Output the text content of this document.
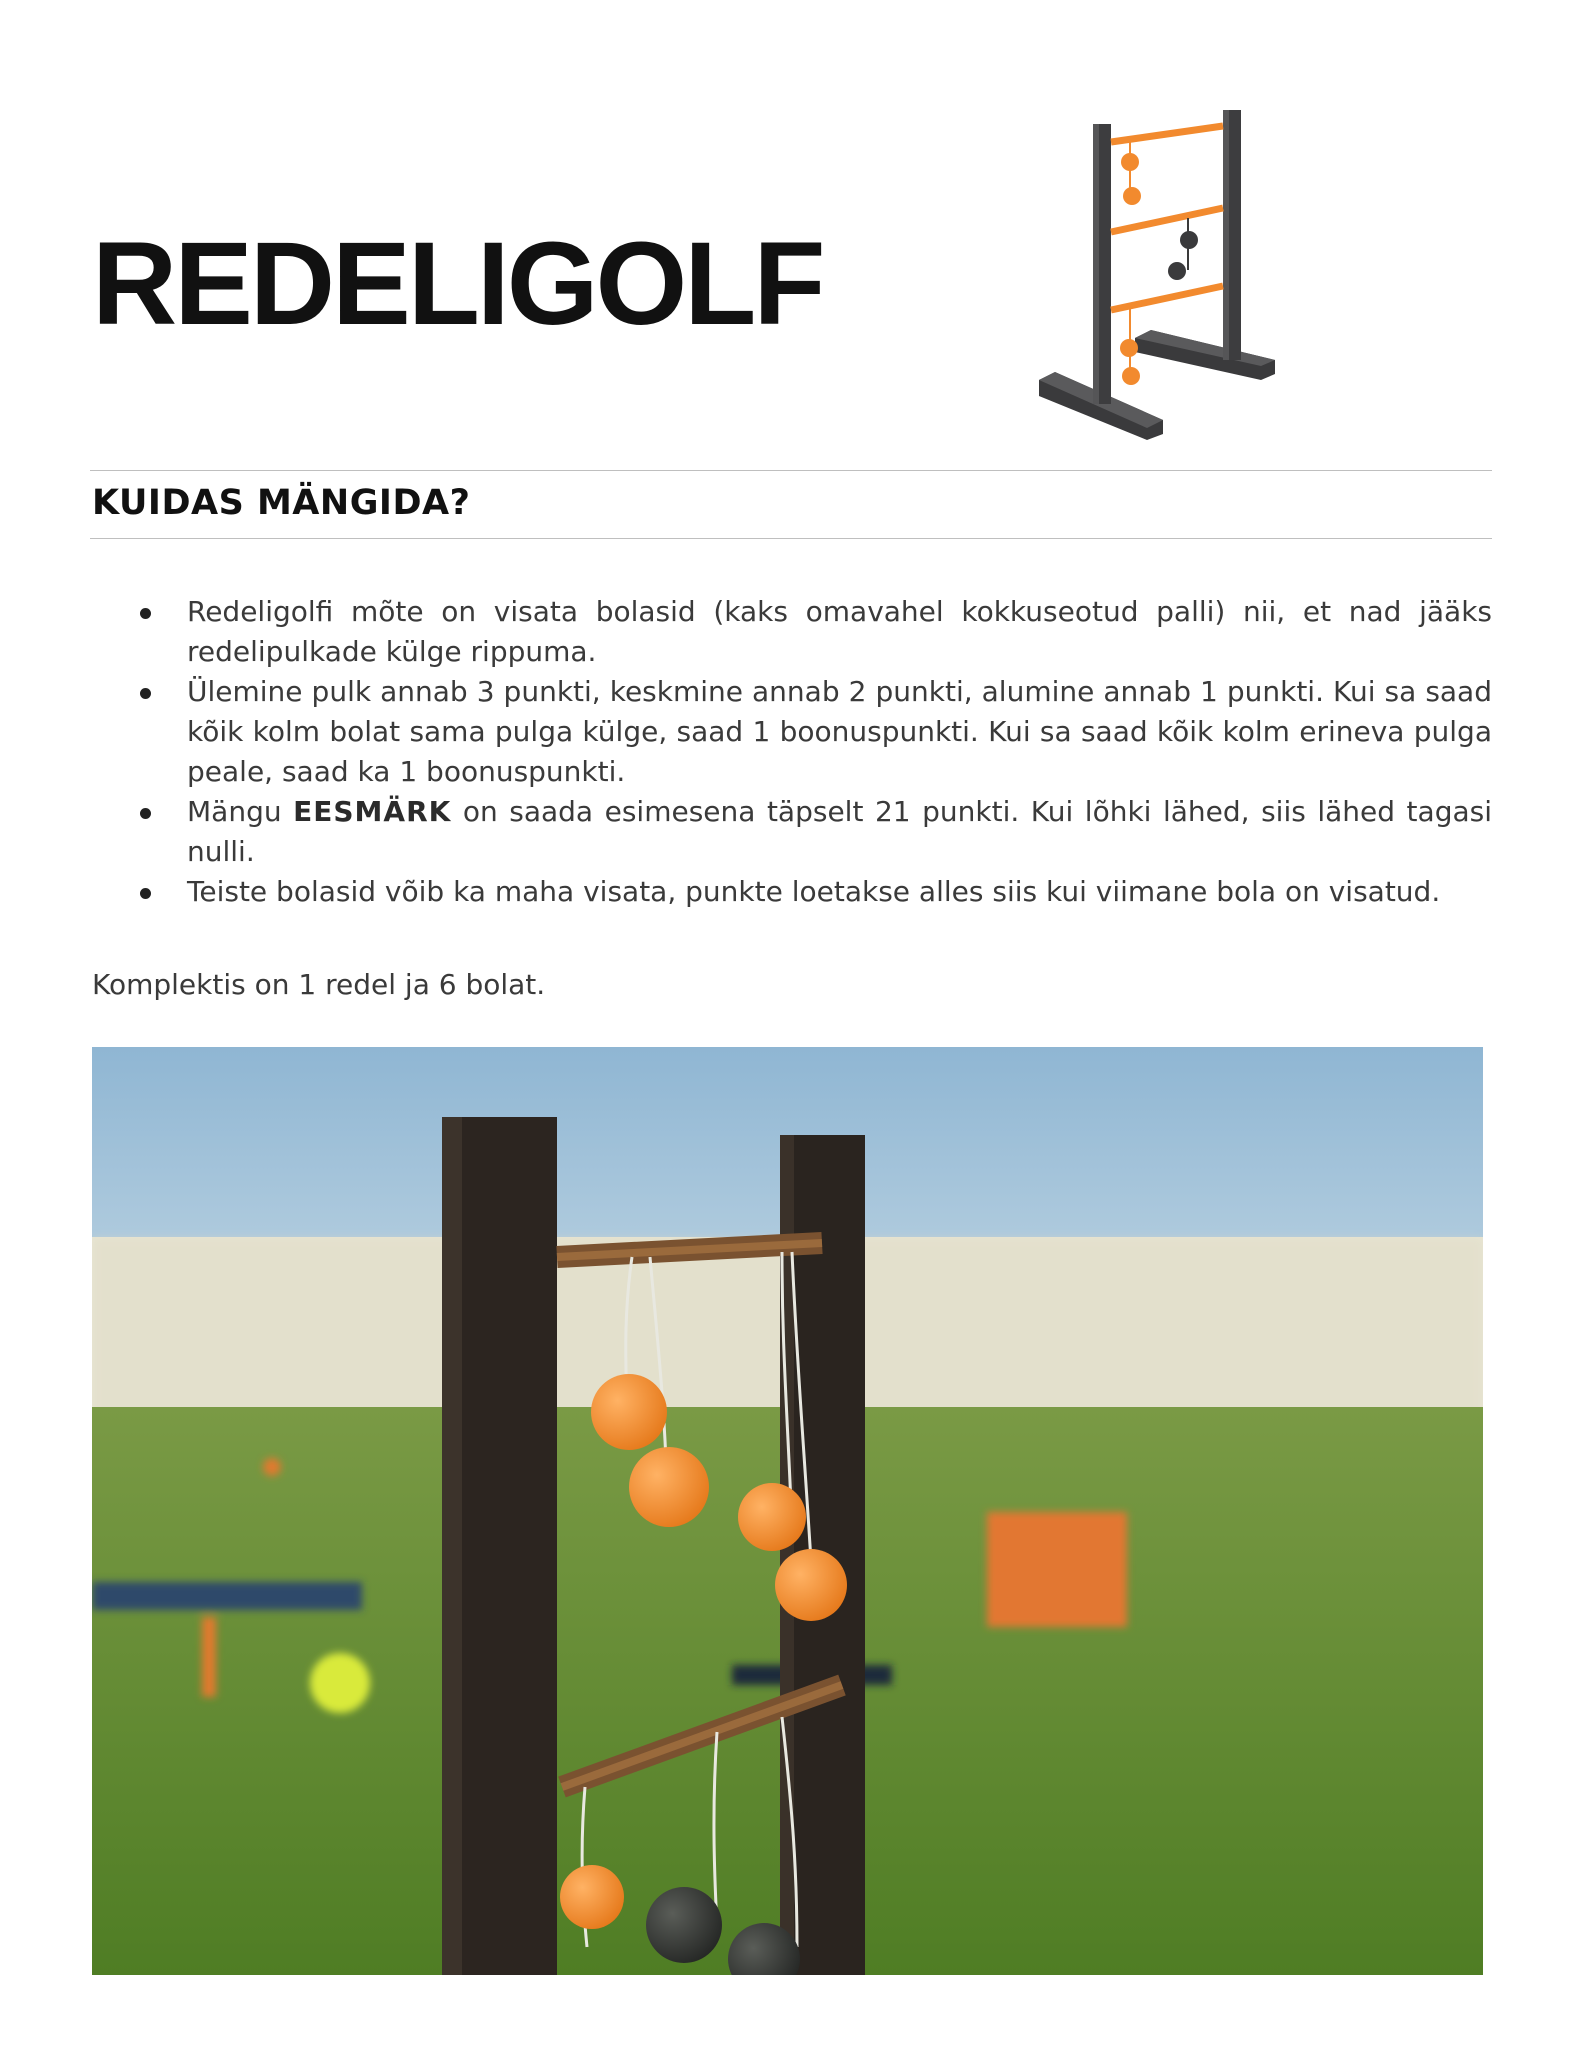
REDELIGOLF
KUIDAS MÄNGIDA?
Redeligolfi mõte on visata bolasid (kaks omavahel kokkuseotud palli) nii, et nad jääks redelipulkade külge rippuma.
Ülemine pulk annab 3 punkti, keskmine annab 2 punkti, alumine annab 1 punkti. Kui sa saad kõik kolm bolat sama pulga külge, saad 1 boonuspunkti. Kui sa saad kõik kolm erineva pulga peale, saad ka 1 boonuspunkti.
Mängu EESMÄRK on saada esimesena täpselt 21 punkti. Kui lõhki lähed, siis lähed tagasi nulli.
Teiste bolasid võib ka maha visata, punkte loetakse alles siis kui viimane bola on visatud.
Komplektis on 1 redel ja 6 bolat.
